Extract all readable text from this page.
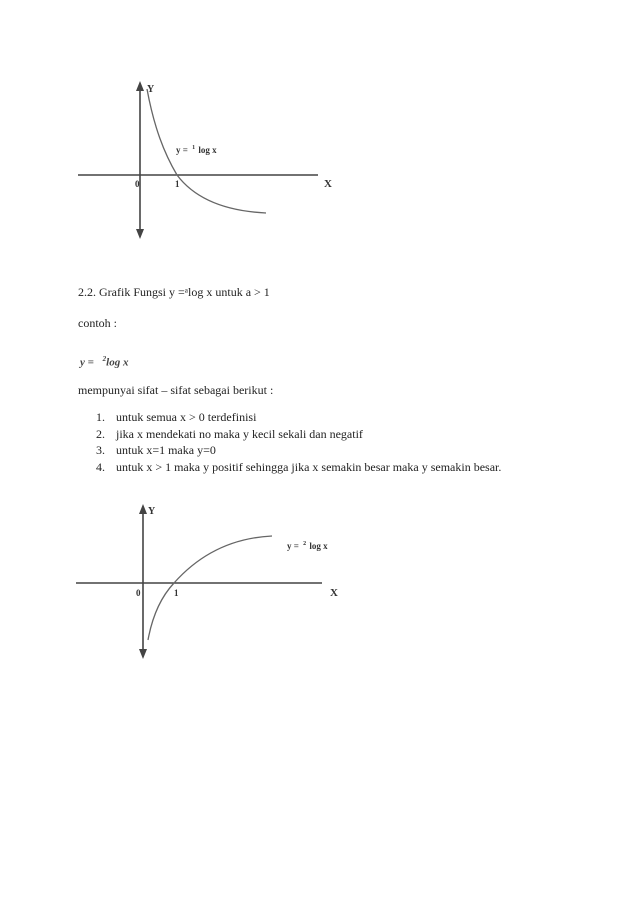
Y
X
0	1
y = $^1$ log x
2.2. Grafik Fungsi y =ᵃlog x untuk a > 1
contoh :
y = $^2$log x
mempunyai sifat – sifat sebagai berikut :
1. untuk semua x > 0 terdefinisi
2. jika x mendekati no maka y kecil sekali dan negatif
3. untuk x=1 maka y=0
4. untuk x > 1 maka y positif sehingga jika x semakin besar maka y semakin besar.
Y
X
0	1
y = $^2$ log x
